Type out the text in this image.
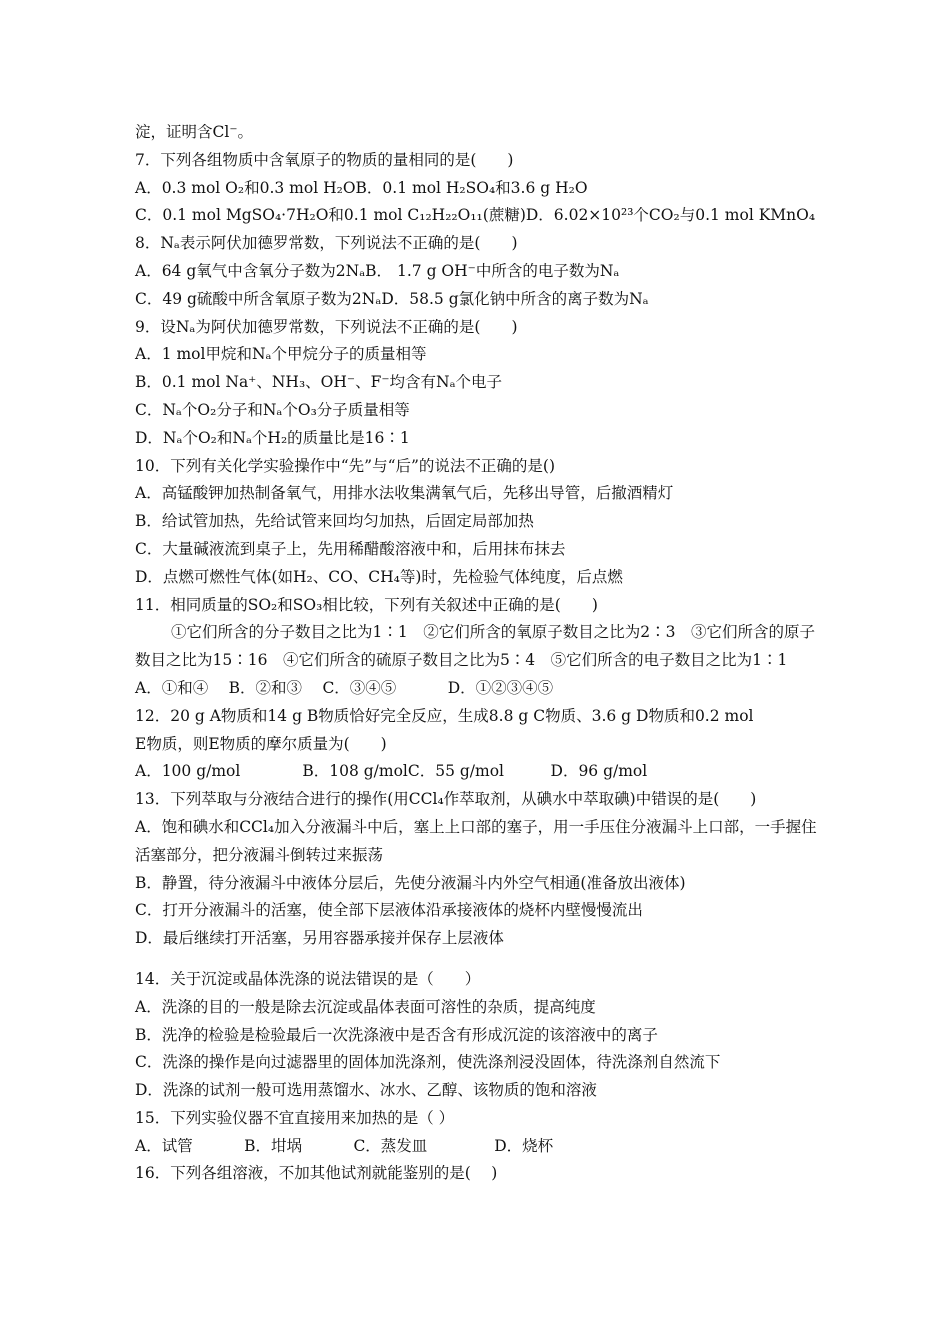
淀，证明含Cl⁻。
7．下列各组物质中含氧原子的物质的量相同的是(　　)
A．0.3 mol O₂和0.3 mol H₂OB．0.1 mol H₂SO₄和3.6 g H₂O
C．0.1 mol MgSO₄·7H₂O和0.1 mol C₁₂H₂₂O₁₁(蔗糖)D．6.02×10²³个CO₂与0.1 mol KMnO₄
8．Nₐ表示阿伏加德罗常数，下列说法不正确的是(　　)
A．64 g氧气中含氧分子数为2NₐB． 1.7 g OH⁻中所含的电子数为Nₐ
C．49 g硫酸中所含氧原子数为2NₐD．58.5 g氯化钠中所含的离子数为Nₐ
9．设Nₐ为阿伏加德罗常数，下列说法不正确的是(　　)
A．1 mol甲烷和Nₐ个甲烷分子的质量相等
B．0.1 mol Na⁺、NH₃、OH⁻、F⁻均含有Nₐ个电子
C．Nₐ个O₂分子和Nₐ个O₃分子质量相等
D．Nₐ个O₂和Nₐ个H₂的质量比是16∶1
10．下列有关化学实验操作中“先”与“后”的说法不正确的是()
A．高锰酸钾加热制备氧气，用排水法收集满氧气后，先移出导管，后撤酒精灯
B．给试管加热，先给试管来回均匀加热，后固定局部加热
C．大量碱液流到桌子上，先用稀醋酸溶液中和，后用抹布抹去
D．点燃可燃性气体(如H₂、CO、CH₄等)时，先检验气体纯度，后点燃
11．相同质量的SO₂和SO₃相比较，下列有关叙述中正确的是(　　)
①它们所含的分子数目之比为1∶1　②它们所含的氧原子数目之比为2∶3　③它们所含的原子数目之比为15∶16　④它们所含的硫原子数目之比为5∶4　⑤它们所含的电子数目之比为1∶1
A．①和④　 B．②和③　 C．③④⑤　　　 D．①②③④⑤
12．20 g A物质和14 g B物质恰好完全反应，生成8.8 g C物质、3.6 g D物质和0.2 mol
E物质，则E物质的摩尔质量为(　　)
A．100 g/mol　　　　B．108 g/molC．55 g/mol　　　D．96 g/mol
13．下列萃取与分液结合进行的操作(用CCl₄作萃取剂，从碘水中萃取碘)中错误的是(　　)
A．饱和碘水和CCl₄加入分液漏斗中后，塞上上口部的塞子，用一手压住分液漏斗上口部，一手握住活塞部分，把分液漏斗倒转过来振荡
B．静置，待分液漏斗中液体分层后，先使分液漏斗内外空气相通(准备放出液体)
C．打开分液漏斗的活塞，使全部下层液体沿承接液体的烧杯内壁慢慢流出
D．最后继续打开活塞，另用容器承接并保存上层液体
14．关于沉淀或晶体洗涤的说法错误的是（　　）
A．洗涤的目的一般是除去沉淀或晶体表面可溶性的杂质，提高纯度
B．洗净的检验是检验最后一次洗涤液中是否含有形成沉淀的该溶液中的离子
C．洗涤的操作是向过滤器里的固体加洗涤剂，使洗涤剂浸没固体，待洗涤剂自然流下
D．洗涤的试剂一般可选用蒸馏水、冰水、乙醇、该物质的饱和溶液
15．下列实验仪器不宜直接用来加热的是（ ）
A．试管　　　 B．坩埚　　　 C．蒸发皿　　　　 D．烧杯
16．下列各组溶液，不加其他试剂就能鉴别的是(　 )
